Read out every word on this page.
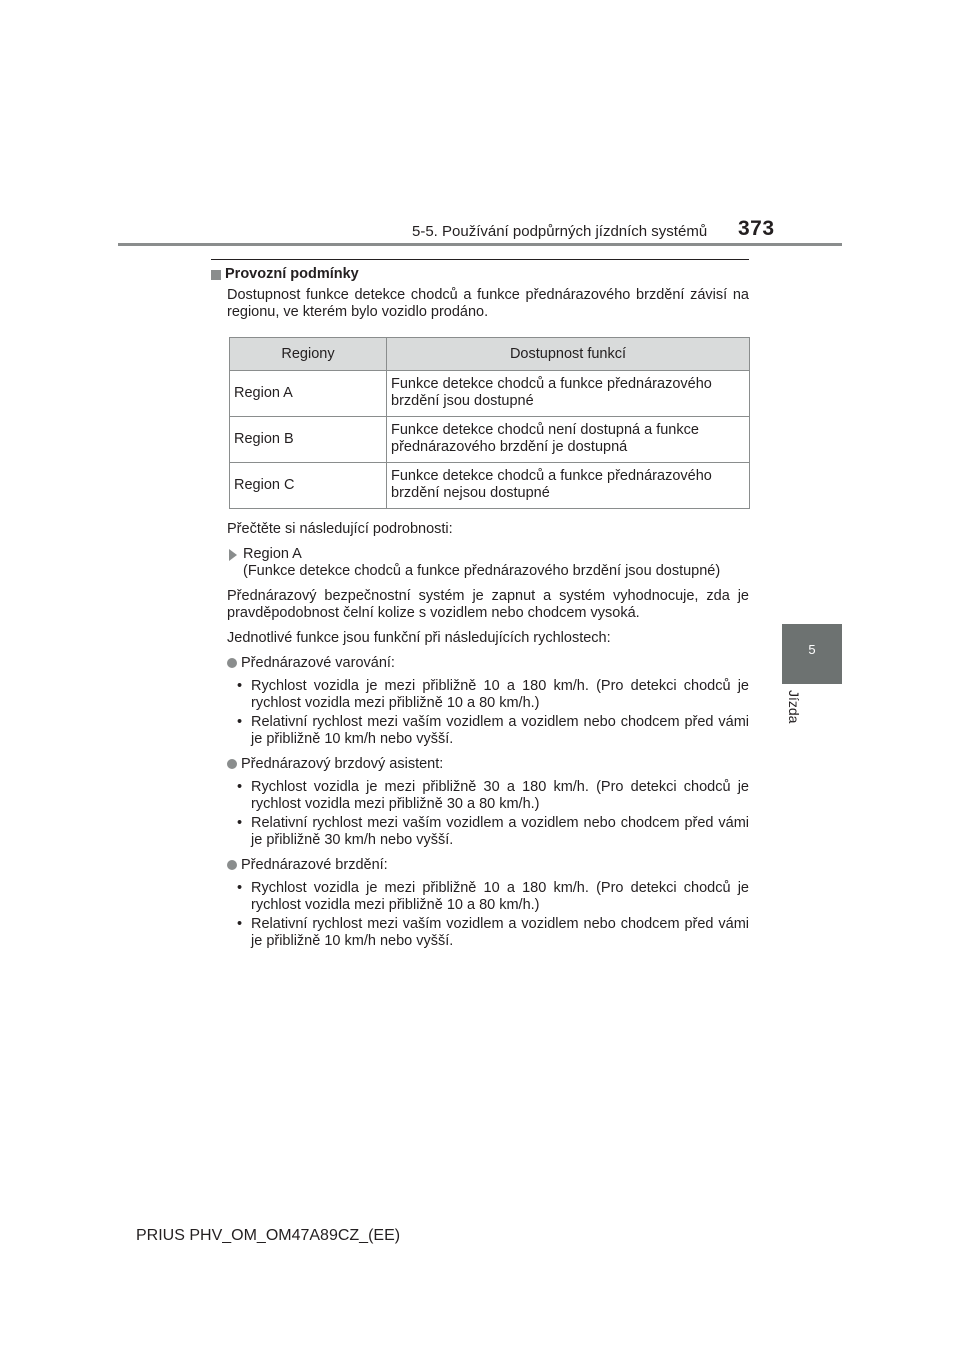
5-5. Používání podpůrných jízdních systémů 373
5
Jízda
Provozní podmínky
Dostupnost funkce detekce chodců a funkce přednárazového brzdění závisí na regionu, ve kterém bylo vozidlo prodáno.
Regiony	Dostupnost funkcí
Region A	Funkce detekce chodců a funkce přednárazového brzdění jsou dostupné
Region B	Funkce detekce chodců není dostupná a funkce přednárazového brzdění je dostupná
Region C	Funkce detekce chodců a funkce přednárazového brzdění nejsou dostupné
Přečtěte si následující podrobnosti:
Region A
(Funkce detekce chodců a funkce přednárazového brzdění jsou dostupné)
Přednárazový bezpečnostní systém je zapnut a systém vyhodnocuje, zda je pravděpodobnost čelní kolize s vozidlem nebo chodcem vysoká.
Jednotlivé funkce jsou funkční při následujících rychlostech:
Přednárazové varování:
• Rychlost vozidla je mezi přibližně 10 a 180 km/h. (Pro detekci chodců je rychlost vozidla mezi přibližně 10 a 80 km/h.)
• Relativní rychlost mezi vaším vozidlem a vozidlem nebo chodcem před vámi je přibližně 10 km/h nebo vyšší.
Přednárazový brzdový asistent:
• Rychlost vozidla je mezi přibližně 30 a 180 km/h. (Pro detekci chodců je rychlost vozidla mezi přibližně 30 a 80 km/h.)
• Relativní rychlost mezi vaším vozidlem a vozidlem nebo chodcem před vámi je přibližně 30 km/h nebo vyšší.
Přednárazové brzdění:
• Rychlost vozidla je mezi přibližně 10 a 180 km/h. (Pro detekci chodců je rychlost vozidla mezi přibližně 10 a 80 km/h.)
• Relativní rychlost mezi vaším vozidlem a vozidlem nebo chodcem před vámi je přibližně 10 km/h nebo vyšší.
PRIUS PHV_OM_OM47A89CZ_(EE)
